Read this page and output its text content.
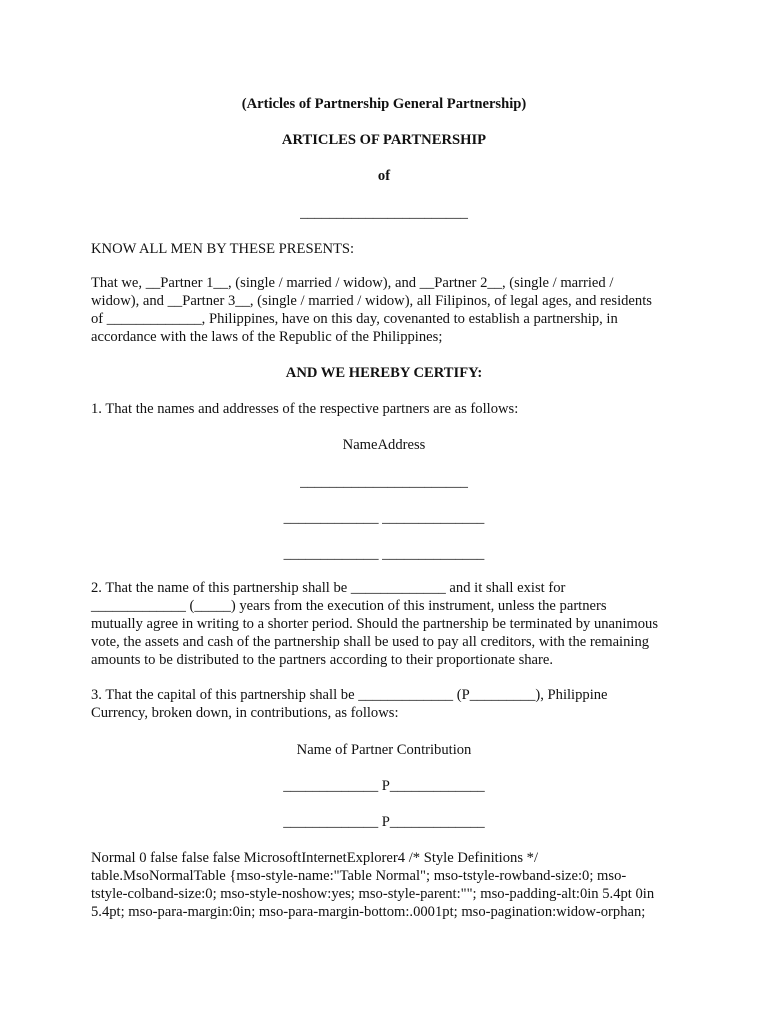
(Articles of Partnership General Partnership)
ARTICLES OF PARTNERSHIP
of
_______________________
KNOW ALL MEN BY THESE PRESENTS:
That we, __Partner 1__, (single / married / widow), and __Partner 2__, (single / married /
widow), and __Partner 3__, (single / married / widow), all Filipinos, of legal ages, and residents
of _____________, Philippines, have on this day, covenanted to establish a partnership, in
accordance with the laws of the Republic of the Philippines;
AND WE HEREBY CERTIFY:
1. That the names and addresses of the respective partners are as follows:
NameAddress
_______________________
_____________ ______________
_____________ ______________
2. That the name of this partnership shall be _____________ and it shall exist for
_____________ (_____) years from the execution of this instrument, unless the partners
mutually agree in writing to a shorter period. Should the partnership be terminated by unanimous
vote, the assets and cash of the partnership shall be used to pay all creditors, with the remaining
amounts to be distributed to the partners according to their proportionate share.
3. That the capital of this partnership shall be _____________ (P_________), Philippine
Currency, broken down, in contributions, as follows:
Name of Partner Contribution
_____________ P_____________
_____________ P_____________
Normal 0 false false false MicrosoftInternetExplorer4 /* Style Definitions */
table.MsoNormalTable {mso-style-name:"Table Normal"; mso-tstyle-rowband-size:0; mso-
tstyle-colband-size:0; mso-style-noshow:yes; mso-style-parent:""; mso-padding-alt:0in 5.4pt 0in
5.4pt; mso-para-margin:0in; mso-para-margin-bottom:.0001pt; mso-pagination:widow-orphan;
